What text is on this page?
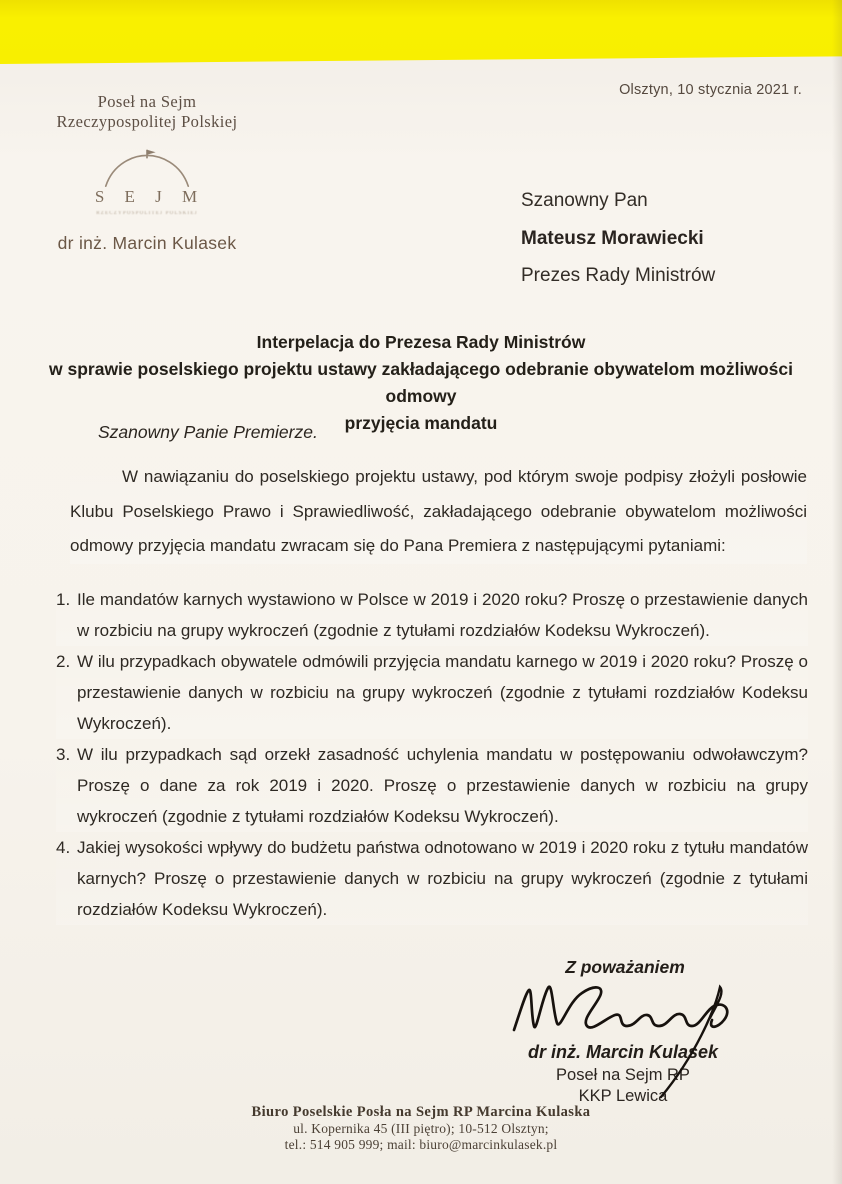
Poseł na Sejm
Rzeczypospolitej Polskiej
S E J M
RZECZYPOSPOLITEJ POLSKIEJ
dr inż. Marcin Kulasek
Olsztyn, 10 stycznia 2021 r.
Szanowny Pan
Mateusz Morawiecki
Prezes Rady Ministrów
Interpelacja do Prezesa Rady Ministrów
w sprawie poselskiego projektu ustawy zakładającego odebranie obywatelom możliwości odmowy
przyjęcia mandatu
Szanowny Panie Premierze.
W nawiązaniu do poselskiego projektu ustawy, pod którym swoje podpisy złożyli posłowie Klubu Poselskiego Prawo i Sprawiedliwość, zakładającego odebranie obywatelom możliwości odmowy przyjęcia mandatu zwracam się do Pana Premiera z następującymi pytaniami:
1. Ile mandatów karnych wystawiono w Polsce w 2019 i 2020 roku? Proszę o przestawienie danych w rozbiciu na grupy wykroczeń (zgodnie z tytułami rozdziałów Kodeksu Wykroczeń).
2. W ilu przypadkach obywatele odmówili przyjęcia mandatu karnego w 2019 i 2020 roku? Proszę o przestawienie danych w rozbiciu na grupy wykroczeń (zgodnie z tytułami rozdziałów Kodeksu Wykroczeń).
3. W ilu przypadkach sąd orzekł zasadność uchylenia mandatu w postępowaniu odwoławczym? Proszę o dane za rok 2019 i 2020. Proszę o przestawienie danych w rozbiciu na grupy wykroczeń (zgodnie z tytułami rozdziałów Kodeksu Wykroczeń).
4. Jakiej wysokości wpływy do budżetu państwa odnotowano w 2019 i 2020 roku z tytułu mandatów karnych? Proszę o przestawienie danych w rozbiciu na grupy wykroczeń (zgodnie z tytułami rozdziałów Kodeksu Wykroczeń).
Z poważaniem
dr inż. Marcin Kulasek
Poseł na Sejm RP
KKP Lewica
Biuro Poselskie Posła na Sejm RP Marcina Kulaska
ul. Kopernika 45 (III piętro); 10-512 Olsztyn;
tel.: 514 905 999; mail: biuro@marcinkulasek.pl
